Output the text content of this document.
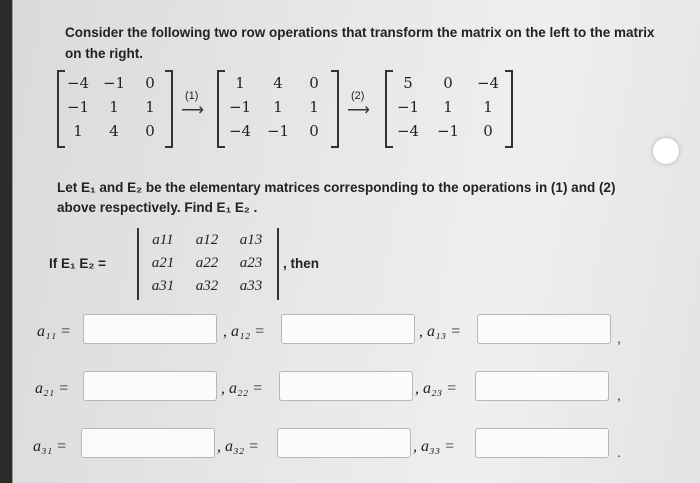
Consider the following two row operations that transform the matrix on the left to the matrix
on the right.
−4 −1	0
−1	1	1
1	4	0
(1)
⟶
1	4	0
−1	1	1
−4 −1	0
(2)
⟶
5	0	−4
−1	1	1
−4 −1	0
Let E₁ and E₂ be the elementary matrices corresponding to the operations in (1) and (2)
above respectively. Find E₁ E₂ .
If E₁ E₂ =
a11	a12	a13
a21	a22	a23
a31	a32	a33
, then
a₁₁ =	, a₁₂ =	, a₁₃ =	,
a₂₁ =	, a₂₂ =	, a₂₃ =	,
a₃₁ =	, a₃₂ =	, a₃₃ =	.
